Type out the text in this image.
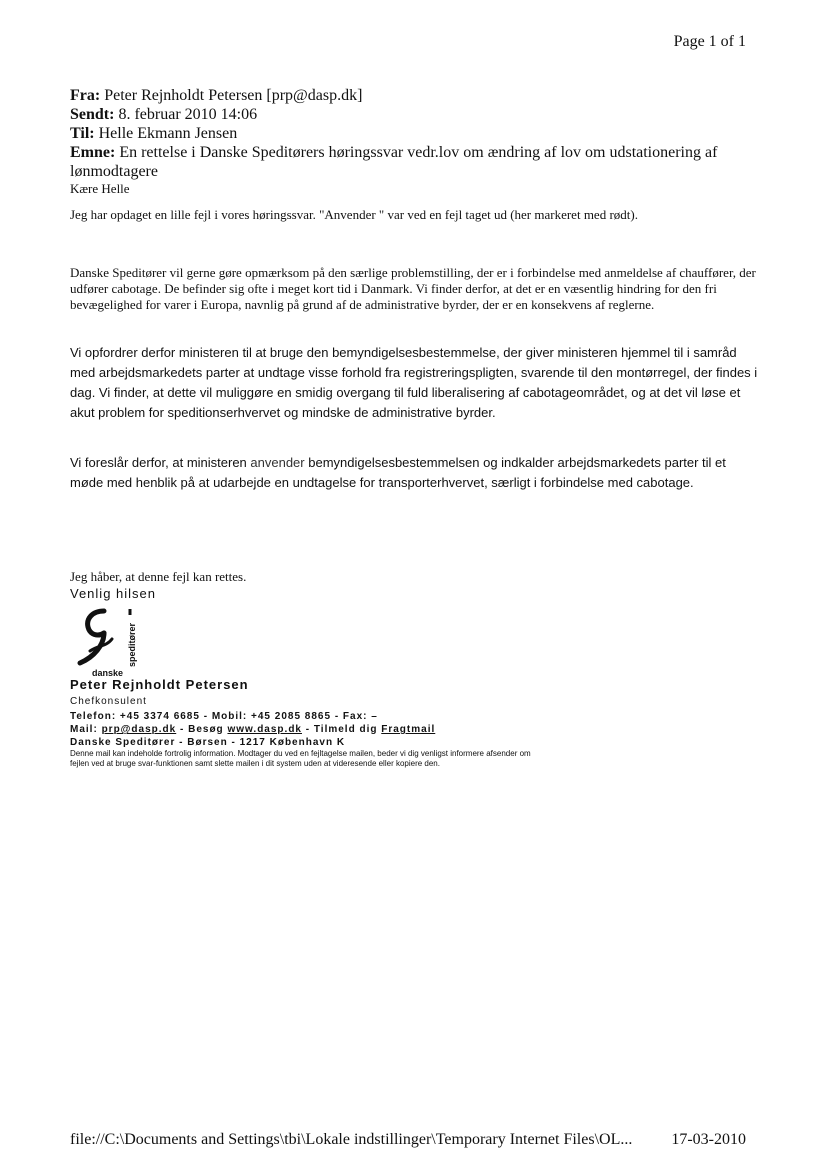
Page 1 of 1
Fra: Peter Rejnholdt Petersen [prp@dasp.dk]
Sendt: 8. februar 2010 14:06
Til: Helle Ekmann Jensen
Emne: En rettelse i Danske Speditørers høringssvar vedr.lov om ændring af lov om udstationering af lønmodtagere
Kære Helle
Jeg har opdaget en lille fejl i vores høringssvar. "Anvender " var ved en fejl taget ud (her markeret med rødt).
Danske Speditører vil gerne gøre opmærksom på den særlige problemstilling, der er i forbindelse med anmeldelse af chauffører, der udfører cabotage. De befinder sig ofte i meget kort tid i Danmark. Vi finder derfor, at det er en væsentlig hindring for den fri bevægelighed for varer i Europa, navnlig på grund af de administrative byrder, der er en konsekvens af reglerne.
Vi opfordrer derfor ministeren til at bruge den bemyndigelsesbestemmelse, der giver ministeren hjemmel til i samråd med arbejdsmarkedets parter at undtage visse forhold fra registreringspligten, svarende til den montørregel, der findes i dag. Vi finder, at dette vil muliggøre en smidig overgang til fuld liberalisering af cabotageområdet, og at det vil løse et akut problem for speditionserhvervet og mindske de administrative byrder.
Vi foreslår derfor, at ministeren anvender bemyndigelsesbestemmelsen og indkalder arbejdsmarkedets parter til et møde med henblik på at udarbejde en undtagelse for transporterhvervet, særligt i forbindelse med cabotage.
Jeg håber, at denne fejl kan rettes.
Venlig hilsen
speditører
danske
Peter Rejnholdt Petersen
Chefkonsulent
Telefon: +45 3374 6685 - Mobil: +45 2085 8865 - Fax: –
Mail: prp@dasp.dk - Besøg www.dasp.dk - Tilmeld dig Fragtmail
Danske Speditører - Børsen - 1217 København K
Denne mail kan indeholde fortrolig information. Modtager du ved en fejltagelse mailen, beder vi dig venligst informere afsender om fejlen ved at bruge svar-funktionen samt slette mailen i dit system uden at videresende eller kopiere den.
file://C:\Documents and Settings\tbi\Lokale indstillinger\Temporary Internet Files\OL... 17-03-2010
